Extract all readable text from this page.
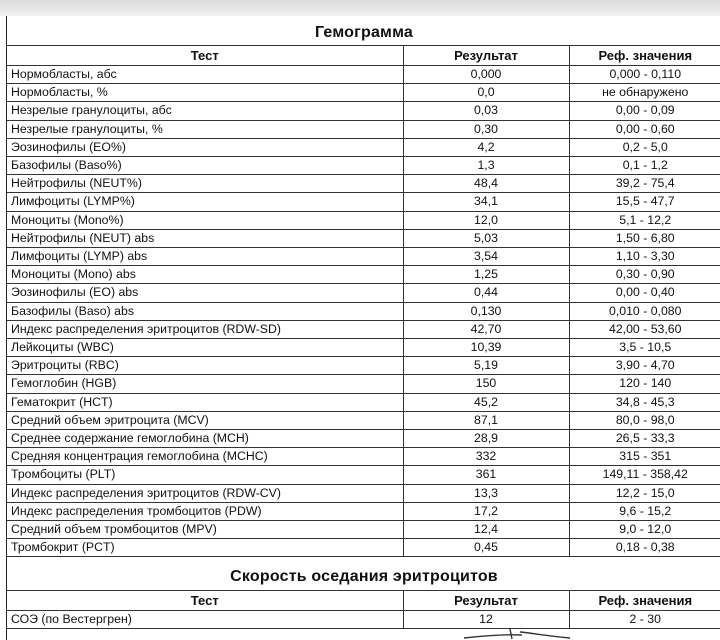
Гемограмма
Тест	Результат	Реф. значения
Нормобласты, абс	0,000	0,000 - 0,110
Нормобласты, %	0,0	не обнаружено
Незрелые гранулоциты, абс	0,03	0,00 - 0,09
Незрелые гранулоциты, %	0,30	0,00 - 0,60
Эозинофилы (EO%)	4,2	0,2 - 5,0
Базофилы (Baso%)	1,3	0,1 - 1,2
Нейтрофилы (NEUT%)	48,4	39,2 - 75,4
Лимфоциты (LYMP%)	34,1	15,5 - 47,7
Моноциты (Mono%)	12,0	5,1 - 12,2
Нейтрофилы (NEUT) abs	5,03	1,50 - 6,80
Лимфоциты (LYMP) abs	3,54	1,10 - 3,30
Моноциты (Mono) abs	1,25	0,30 - 0,90
Эозинофилы (EO) abs	0,44	0,00 - 0,40
Базофилы (Baso) abs	0,130	0,010 - 0,080
Индекс распределения эритроцитов (RDW-SD)	42,70	42,00 - 53,60
Лейкоциты (WBC)	10,39	3,5 - 10,5
Эритроциты (RBC)	5,19	3,90 - 4,70
Гемоглобин (HGB)	150	120 - 140
Гематокрит (HCT)	45,2	34,8 - 45,3
Средний объем эритроцита (MCV)	87,1	80,0 - 98,0
Среднее содержание гемоглобина (MCH)	28,9	26,5 - 33,3
Средняя концентрация гемоглобина (MCHC)	332	315 - 351
Тромбоциты (PLT)	361	149,11 - 358,42
Индекс распределения эритроцитов (RDW-CV)	13,3	12,2 - 15,0
Индекс распределения тромбоцитов (PDW)	17,2	9,6 - 15,2
Средний объем тромбоцитов (MPV)	12,4	9,0 - 12,0
Тромбокрит (PCT)	0,45	0,18 - 0,38
Скорость оседания эритроцитов
Тест	Результат	Реф. значения
СОЭ (по Вестергрен)	12	2 - 30
